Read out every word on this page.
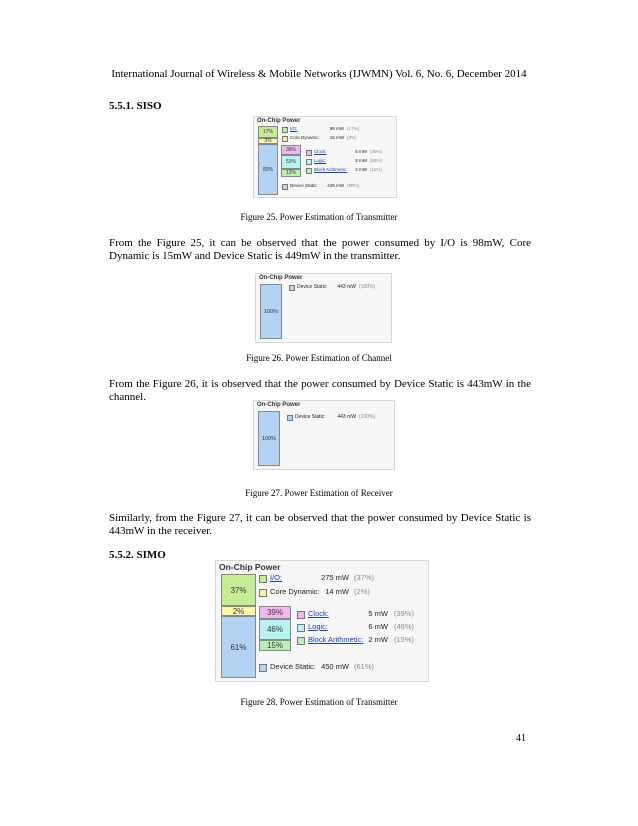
International Journal of Wireless & Mobile Networks (IJWMN) Vol. 6, No. 6, December 2014
5.5.1. SISO
On-Chip Power
17%
3%
80%
39%
53%
12%
I/O:	98 mW (17%)
Core Dynamic:	15 mW (3%)
Clock:	5 mW (35%)
Logic:	8 mW (53%)
Block Arithmetic:	2 mW (12%)
Device Static:	449 mW (80%)
Figure 25. Power Estimation of Transmitter
From the Figure 25, it can be observed that the power consumed by I/O is 98mW, Core Dynamic is 15mW and Device Static is 449mW in the transmitter.
On-Chip Power
100%
Device Static:	443 mW (100%)
Figure 26. Power Estimation of Channel
From the Figure 26, it is observed that the power consumed by Device Static is 443mW in the channel.
On-Chip Power
100%
Device Static:	443 mW (100%)
Figure 27. Power Estimation of Receiver
Similarly, from the Figure 27, it can be observed that the power consumed by Device Static is 443mW in the receiver.
5.5.2. SIMO
On-Chip Power
37%
2%
61%
39%
46%
15%
I/O:	275 mW (37%)
Core Dynamic: 14 mW (2%)
Clock:	5 mW (39%)
Logic:	6 mW (46%)
Block Arithmetic: 2 mW (15%)
Device Static: 450 mW (61%)
Figure 28. Power Estimation of Transmitter
41
